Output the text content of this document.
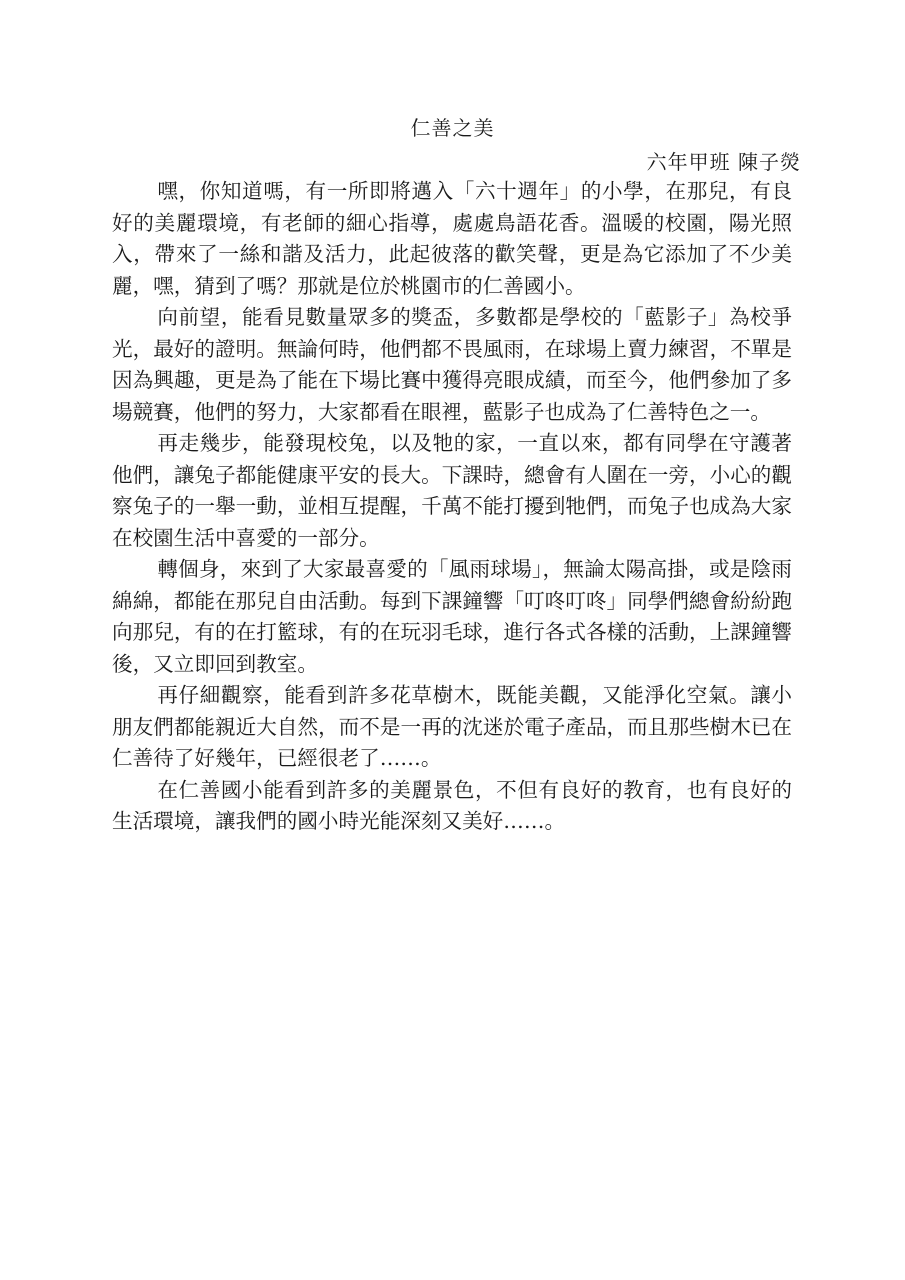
仁善之美
六年甲班 陳子熒

嘿，你知道嗎，有一所即將邁入「六十週年」的小學，在那兒，有良好的美麗環境，有老師的細心指導，處處鳥語花香。溫暖的校園，陽光照入，帶來了一絲和諧及活力，此起彼落的歡笑聲，更是為它添加了不少美麗，嘿，猜到了嗎？那就是位於桃園市的仁善國小。

向前望，能看見數量眾多的獎盃，多數都是學校的「藍影子」為校爭光，最好的證明。無論何時，他們都不畏風雨，在球場上賣力練習，不單是因為興趣，更是為了能在下場比賽中獲得亮眼成績，而至今，他們參加了多場競賽，他們的努力，大家都看在眼裡，藍影子也成為了仁善特色之一。

再走幾步，能發現校兔，以及牠的家，一直以來，都有同學在守護著他們，讓兔子都能健康平安的長大。下課時，總會有人圍在一旁，小心的觀察兔子的一舉一動，並相互提醒，千萬不能打擾到牠們，而兔子也成為大家在校園生活中喜愛的一部分。

轉個身，來到了大家最喜愛的「風雨球場」，無論太陽高掛，或是陰雨綿綿，都能在那兒自由活動。每到下課鐘響「叮咚叮咚」同學們總會紛紛跑向那兒，有的在打籃球，有的在玩羽毛球，進行各式各樣的活動，上課鐘響後，又立即回到教室。

再仔細觀察，能看到許多花草樹木，既能美觀，又能淨化空氣。讓小朋友們都能親近大自然，而不是一再的沈迷於電子產品，而且那些樹木已在仁善待了好幾年，已經很老了……。

在仁善國小能看到許多的美麗景色，不但有良好的教育，也有良好的生活環境，讓我們的國小時光能深刻又美好……。
